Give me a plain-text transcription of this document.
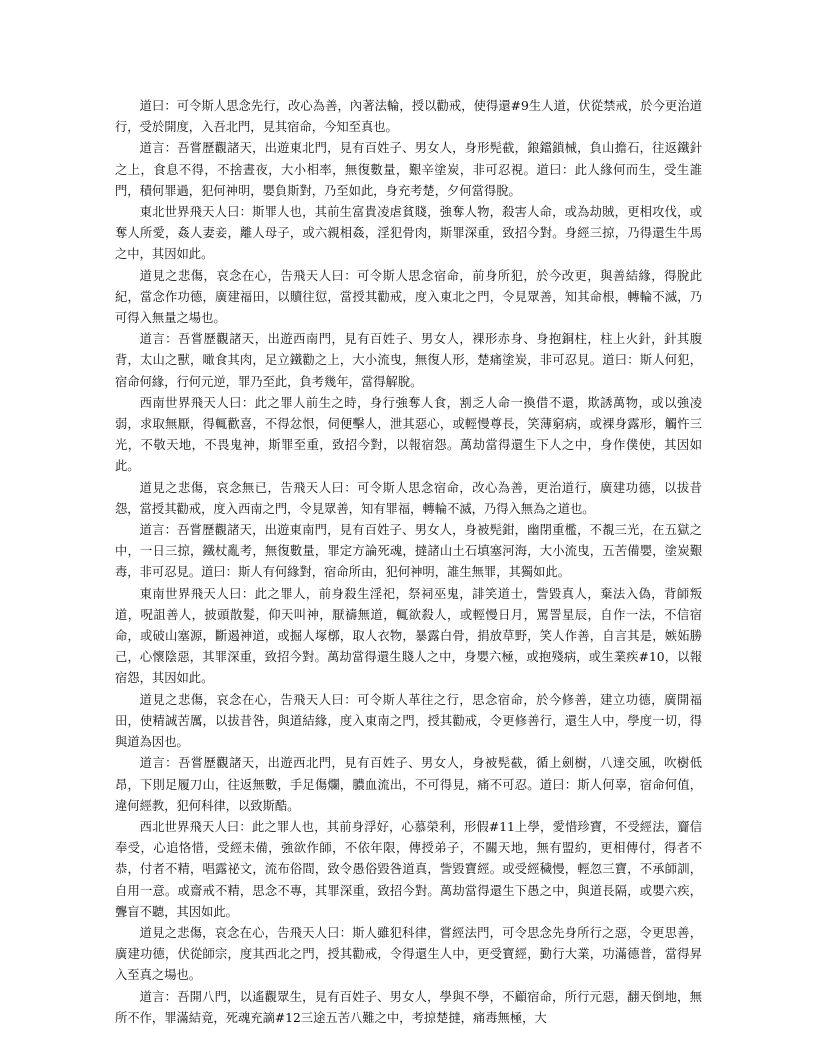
道曰：可令斯人思念先行，改心為善，內著法輪，授以勸戒，使得還#9生人道，伏從禁戒，於今更治道行，受於開度，入吾北門，見其宿命，今知至真也。

道言：吾嘗歷觀諸天，出遊東北門，見有百姓子、男女人，身形髡截，鋃鐺鎖械，負山擔石，往返鐵針之上，食息不得，不捨晝夜，大小相率，無復數量，艱辛塗炭，非可忍視。道曰：此人緣何而生，受生誰門，積何罪過，犯何神明，嬰負斯對，乃至如此，身充考楚，夕何當得脫。

東北世界飛天人曰：斯罪人也，其前生富貴凌虐貧賤，強奪人物，殺害人命，或為劫賊，更相攻伐，或奪人所愛，姦人妻妾，離人母子，或六親相姦，淫犯骨肉，斯罪深重，致招今對。身經三掠，乃得還生牛馬之中，其因如此。

道見之悲傷，哀念在心，告飛天人曰：可令斯人思念宿命，前身所犯，於今改更，與善結緣，得脫此紀，當念作功德，廣建福田，以贖往愆，當授其勸戒，度入東北之門，令見眾善，知其命根，轉輪不滅，乃可得入無量之場也。

道言：吾嘗歷觀諸天，出遊西南門，見有百姓子、男女人，裸形赤身、身抱銅柱，柱上火針，針其腹背，太山之獸，噉食其肉，足立鐵勸之上，大小流曳，無復人形，楚痛塗炭，非可忍見。道曰：斯人何犯，宿命何緣，行何元逆，罪乃至此，負考幾年，當得解脫。

西南世界飛天人曰：此之罪人前生之時，身行強奪人食，割乏人命一換借不還，欺誘萬物，或以強凌弱，求取無厭，得輒歡喜，不得忿恨，伺便擊人，泄其惡心，或輕慢尊長，笑薄窮病，或裸身露形，觸忤三光，不敬天地，不畏鬼神，斯罪至重，致招今對，以報宿怨。萬劫當得還生下人之中，身作僕使，其因如此。

道見之悲傷，哀念無已，告飛天人曰：可令斯人思念宿命，改心為善，更治道行，廣建功德，以拔昔怨，當授其勸戒，度入西南之門，令見眾善，知有罪福，轉輪不滅，乃得入無為之道也。

道言：吾嘗歷觀諸天，出遊東南門，見有百姓子、男女人，身被髡鉗，幽閉重檻，不覩三光，在五獄之中，一日三掠，鐵杖亂考，無復數量，罪定方論死魂，撻諸山土石填塞河海，大小流曳，五苦備嬰，塗炭艱毒，非可忍見。道曰：斯人有何緣對，宿命所由，犯何神明，誰生無罪，其獨如此。

東南世界飛天人曰：此之罪人，前身殺生淫祀，祭祠巫鬼，誹笑道士，訾毀真人，棄法入偽，背師叛道，呪詛善人，披頭散髮，仰天叫神，厭禱無道，輒欲殺人，或輕慢日月，罵詈星辰，自作一法，不信宿命，或破山塞源，斷遏神道，或掘人塚槨，取人衣物，暴露白骨，捐放草野，笑人作善，自言其是，嫉妬勝己，心懷陰惡，其罪深重，致招今對。萬劫當得還生賤人之中，身嬰六極，或抱殘病，或生業疾#10，以報宿怨，其因如此。

道見之悲傷，哀念在心，告飛天人曰：可令斯人革往之行，思念宿命，於今修善，建立功德，廣開福田，使精誠苦厲，以拔昔咎，與道結緣，度入東南之門，授其勸戒，令更修善行，還生人中，學度一切，得與道為因也。

道言：吾嘗歷觀諸天，出遊西北門，見有百姓子、男女人，身被髡截，循上劍樹，八達交風，吹樹低昂，下則足履刀山，往返無數，手足傷爛，膿血流出，不可得見，痛不可忍。道曰：斯人何辜，宿命何值，違何經教，犯何科律，以致斯酷。

西北世界飛天人曰：此之罪人也，其前身浮好，心慕榮利，形假#11上學，愛惜珍寶，不受經法，齎信奉受，心追恪惜，受經未備，強欲作師，不依年限，傳授弟子，不關天地，無有盟約，更相傳付，得者不恭，付者不精，唱露祕文，流布俗間，致令愚俗毀咎道真，訾毀寶經。或受經穢慢，輕忽三寶，不承師訓，自用一意。或齋戒不精，思念不專，其罪深重，致招今對。萬劫當得還生下愚之中，與道長隔，或嬰六疾，聾盲不聽，其因如此。

道見之悲傷，哀念在心，告飛天人曰：斯人雖犯科律，嘗經法門，可令思念先身所行之惡，令更思善，廣建功德，伏從師宗，度其西北之門，授其勸戒，令得還生人中，更受寶經，勤行大業，功滿德普，當得昇入至真之場也。

道言：吾開八門，以遙觀眾生，見有百姓子、男女人，學與不學，不顧宿命，所行元惡，翻天倒地，無所不作，罪滿結竟，死魂充謫#12三途五苦八難之中，考掠楚撻，痛毒無極，大
